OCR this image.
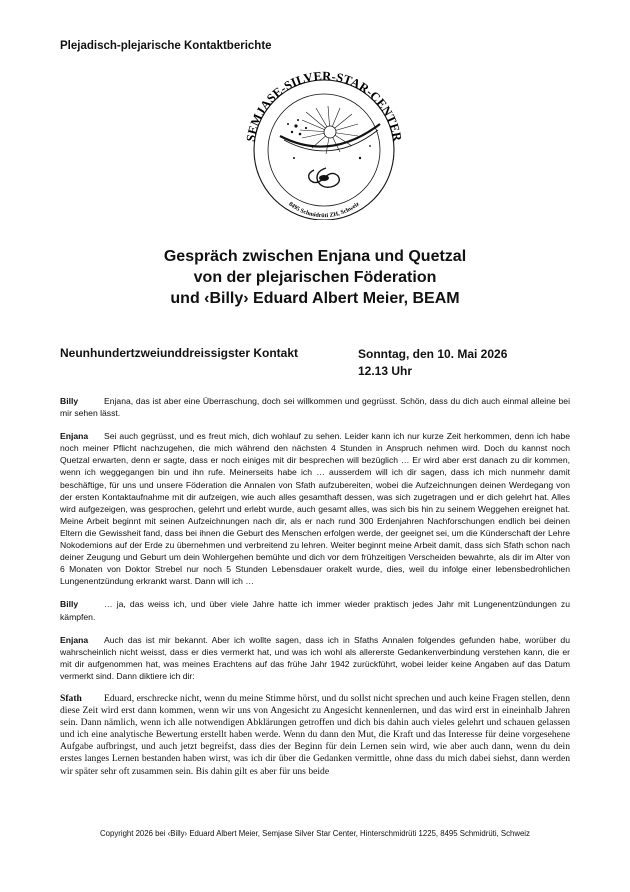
Plejadisch-plejarische Kontaktberichte
SEMJASE-SILVER-STAR-CENTER
8495 Schmidrüti ZH, Schweiz
Gespräch zwischen Enjana und Quetzal
von der plejarischen Föderation
und ‹Billy› Eduard Albert Meier, BEAM
Neunhundertzweiunddreissigster Kontakt	Sonntag, den 10. Mai 2026
12.13 Uhr

Billy	Enjana, das ist aber eine Überraschung, doch sei willkommen und gegrüsst. Schön, dass du dich auch einmal alleine bei mir sehen lässt.

Enjana Sei auch gegrüsst, und es freut mich, dich wohlauf zu sehen. Leider kann ich nur kurze Zeit herkommen, denn ich habe noch meiner Pflicht nachzugehen, die mich während den nächsten 4 Stunden in Anspruch nehmen wird. Doch du kannst noch Quetzal erwarten, denn er sagte, dass er noch einiges mit dir besprechen will bezüglich … Er wird aber erst danach zu dir kommen, wenn ich weggegangen bin und ihn rufe. Meinerseits habe ich … ausserdem will ich dir sagen, dass ich mich nunmehr damit beschäftige, für uns und unsere Föderation die Annalen von Sfath aufzubereiten, wobei die Aufzeichnungen deinen Werdegang von der ersten Kontaktaufnahme mit dir aufzeigen, wie auch alles gesamthaft dessen, was sich zugetragen und er dich gelehrt hat. Alles wird aufgezeigen, was gesprochen, gelehrt und erlebt wurde, auch gesamt alles, was sich bis hin zu seinem Weggehen ereignet hat. Meine Arbeit beginnt mit seinen Aufzeichnungen nach dir, als er nach rund 300 Erdenjahren Nachforschungen endlich bei deinen Eltern die Gewissheit fand, dass bei ihnen die Geburt des Menschen erfolgen werde, der geeignet sei, um die Künderschaft der Lehre Nokodemions auf der Erde zu übernehmen und verbreitend zu lehren. Weiter beginnt meine Arbeit damit, dass sich Sfath schon nach deiner Zeugung und Geburt um dein Wohlergehen bemühte und dich vor dem frühzeitigen Verscheiden bewahrte, als dir im Alter von 6 Monaten von Doktor Strebel nur noch 5 Stunden Lebensdauer orakelt wurde, dies, weil du infolge einer lebensbedrohlichen Lungenentzündung erkrankt warst. Dann will ich …

Billy	… ja, das weiss ich, und über viele Jahre hatte ich immer wieder praktisch jedes Jahr mit Lungenentzündungen zu kämpfen.

Enjana Auch das ist mir bekannt. Aber ich wollte sagen, dass ich in Sfaths Annalen folgendes gefunden habe, worüber du wahrscheinlich nicht weisst, dass er dies vermerkt hat, und was ich wohl als allererste Gedankenverbindung verstehen kann, die er mit dir aufgenommen hat, was meines Erachtens auf das frühe Jahr 1942 zurückführt, wobei leider keine Angaben auf das Datum vermerkt sind. Dann diktiere ich dir:

Sfath Eduard, erschrecke nicht, wenn du meine Stimme hörst, und du sollst nicht sprechen und auch keine Fragen stellen, denn diese Zeit wird erst dann kommen, wenn wir uns von Angesicht zu Angesicht kennenlernen, und das wird erst in eineinhalb Jahren sein. Dann nämlich, wenn ich alle notwendigen Abklärungen getroffen und dich bis dahin auch vieles gelehrt und schauen gelassen und ich eine analytische Bewertung erstellt haben werde. Wenn du dann den Mut, die Kraft und das Interesse für deine vorgesehene Aufgabe aufbringst, und auch jetzt begreifst, dass dies der Beginn für dein Lernen sein wird, wie aber auch dann, wenn du dein erstes langes Lernen bestanden haben wirst, was ich dir über die Gedanken vermittle, ohne dass du mich dabei siehst, dann werden wir später sehr oft zusammen sein. Bis dahin gilt es aber für uns beide

Copyright 2026 bei ‹Billy› Eduard Albert Meier, Semjase Silver Star Center, Hinterschmidrüti 1225, 8495 Schmidrüti, Schweiz
